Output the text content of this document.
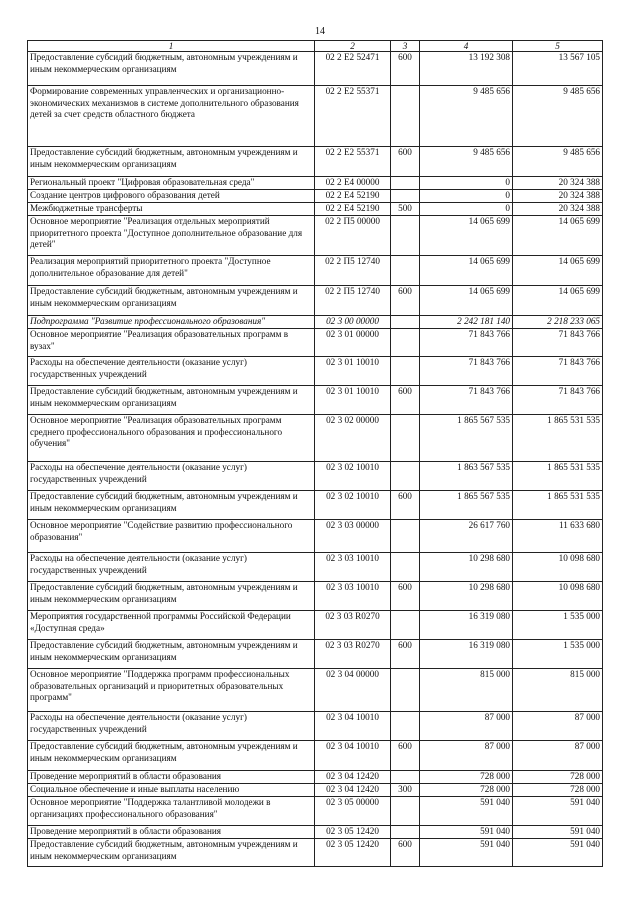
14
1	2	3	4	5
Предоставление субсидий бюджетным, автономным учреждениям и иным некоммерческим организациям	02 2 E2 52471	600	13 192 308	13 567 105
Формирование современных управленческих и организационно-экономических механизмов в системе дополнительного образования детей за счет средств областного бюджета	02 2 E2 55371		9 485 656	9 485 656
Предоставление субсидий бюджетным, автономным учреждениям и иным некоммерческим организациям	02 2 E2 55371	600	9 485 656	9 485 656
Региональный проект "Цифровая образовательная среда"	02 2 E4 00000		0	20 324 388
Создание центров цифрового образования детей	02 2 E4 52190		0	20 324 388
Межбюджетные трансферты	02 2 E4 52190	500	0	20 324 388
Основное мероприятие "Реализация отдельных мероприятий приоритетного проекта "Доступное дополнительное образование для детей"	02 2 П5 00000		14 065 699	14 065 699
Реализация мероприятий приоритетного проекта "Доступное дополнительное образование для детей"	02 2 П5 12740		14 065 699	14 065 699
Предоставление субсидий бюджетным, автономным учреждениям и иным некоммерческим организациям	02 2 П5 12740	600	14 065 699	14 065 699
Подпрограмма "Развитие профессионального образования"	02 3 00 00000		2 242 181 140	2 218 233 065
Основное мероприятие "Реализация образовательных программ в вузах"	02 3 01 00000		71 843 766	71 843 766
Расходы на обеспечение деятельности (оказание услуг) государственных учреждений	02 3 01 10010		71 843 766	71 843 766
Предоставление субсидий бюджетным, автономным учреждениям и иным некоммерческим организациям	02 3 01 10010	600	71 843 766	71 843 766
Основное мероприятие "Реализация образовательных программ среднего профессионального образования и профессионального обучения"	02 3 02 00000		1 865 567 535	1 865 531 535
Расходы на обеспечение деятельности (оказание услуг) государственных учреждений	02 3 02 10010		1 863 567 535	1 865 531 535
Предоставление субсидий бюджетным, автономным учреждениям и иным некоммерческим организациям	02 3 02 10010	600	1 865 567 535	1 865 531 535
Основное мероприятие "Содействие развитию профессионального образования"	02 3 03 00000		26 617 760	11 633 680
Расходы на обеспечение деятельности (оказание услуг) государственных учреждений	02 3 03 10010		10 298 680	10 098 680
Предоставление субсидий бюджетным, автономным учреждениям и иным некоммерческим организациям	02 3 03 10010	600	10 298 680	10 098 680
Мероприятия государственной программы Российской Федерации «Доступная среда»	02 3 03 R0270		16 319 080	1 535 000
Предоставление субсидий бюджетным, автономным учреждениям и иным некоммерческим организациям	02 3 03 R0270	600	16 319 080	1 535 000
Основное мероприятие "Поддержка программ профессиональных образовательных организаций и приоритетных образовательных программ"	02 3 04 00000		815 000	815 000
Расходы на обеспечение деятельности (оказание услуг) государственных учреждений	02 3 04 10010		87 000	87 000
Предоставление субсидий бюджетным, автономным учреждениям и иным некоммерческим организациям	02 3 04 10010	600	87 000	87 000
Проведение мероприятий в области образования	02 3 04 12420		728 000	728 000
Социальное обеспечение и иные выплаты населению	02 3 04 12420	300	728 000	728 000
Основное мероприятие "Поддержка талантливой молодежи в организациях профессионального образования"	02 3 05 00000		591 040	591 040
Проведение мероприятий в области образования	02 3 05 12420		591 040	591 040
Предоставление субсидий бюджетным, автономным учреждениям и иным некоммерческим организациям	02 3 05 12420	600	591 040	591 040
